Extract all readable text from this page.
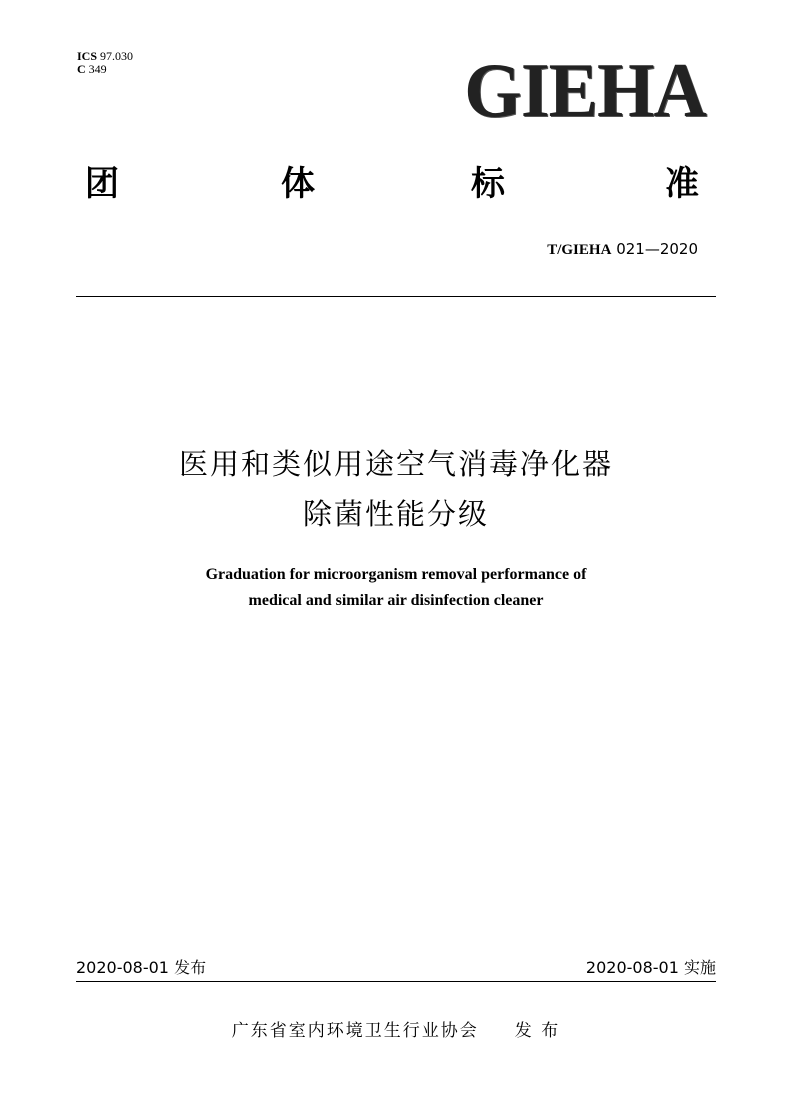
ICS 97.030
C 349	GIEHA
团	体	标	准
T/GIEHA 021—2020
医用和类似用途空气消毒净化器
除菌性能分级
Graduation for microorganism removal performance of
medical and similar air disinfection cleaner
2020-08-01 发布	2020-08-01 实施
广东省室内环境卫生行业协会 发 布
